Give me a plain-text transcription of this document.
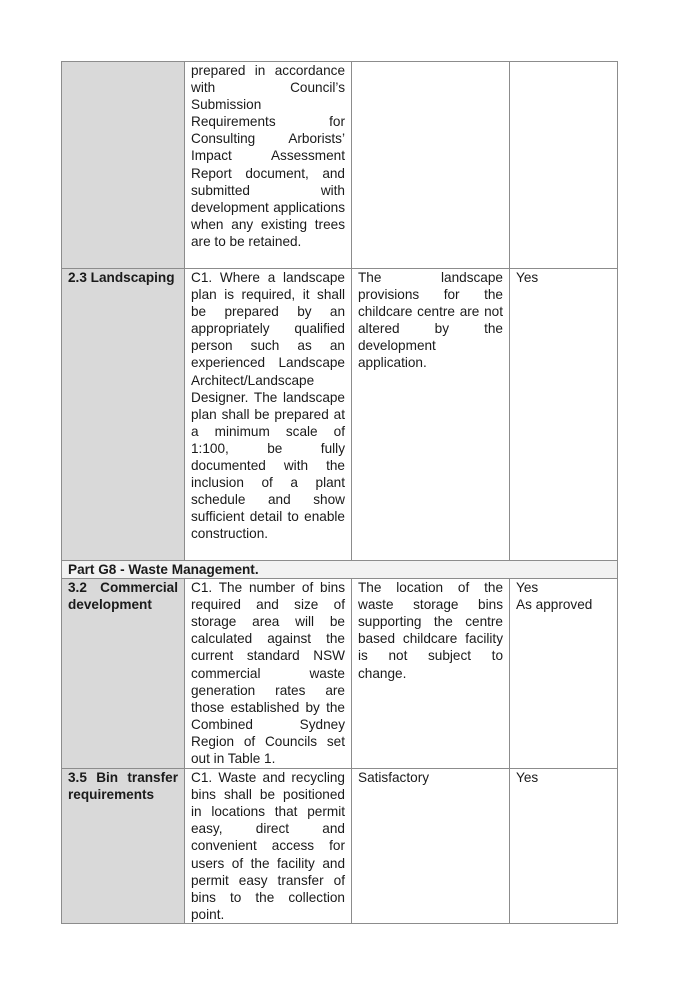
	prepared in accordance with Council’s Submission Requirements for Consulting Arborists’ Impact Assessment Report document, and submitted with development applications when any existing trees are to be retained.		
2.3 Landscaping	C1. Where a landscape plan is required, it shall be prepared by an appropriately qualified person such as an experienced Landscape Architect/Landscape Designer. The landscape plan shall be prepared at a minimum scale of 1:100, be fully documented with the inclusion of a plant schedule and show sufficient detail to enable construction.	The landscape provisions for the childcare centre are not altered by the development application.	Yes
Part G8 - Waste Management.			
3.2 Commercial development	C1. The number of bins required and size of storage area will be calculated against the current standard NSW commercial waste generation rates are those established by the Combined Sydney Region of Councils set out in Table 1.	The location of the waste storage bins supporting the centre based childcare facility is not subject to change.	Yes
As approved

3.5 Bin transfer requirements	C1. Waste and recycling bins shall be positioned in locations that permit easy, direct and convenient access for users of the facility and permit easy transfer of bins to the collection point.	Satisfactory	Yes
